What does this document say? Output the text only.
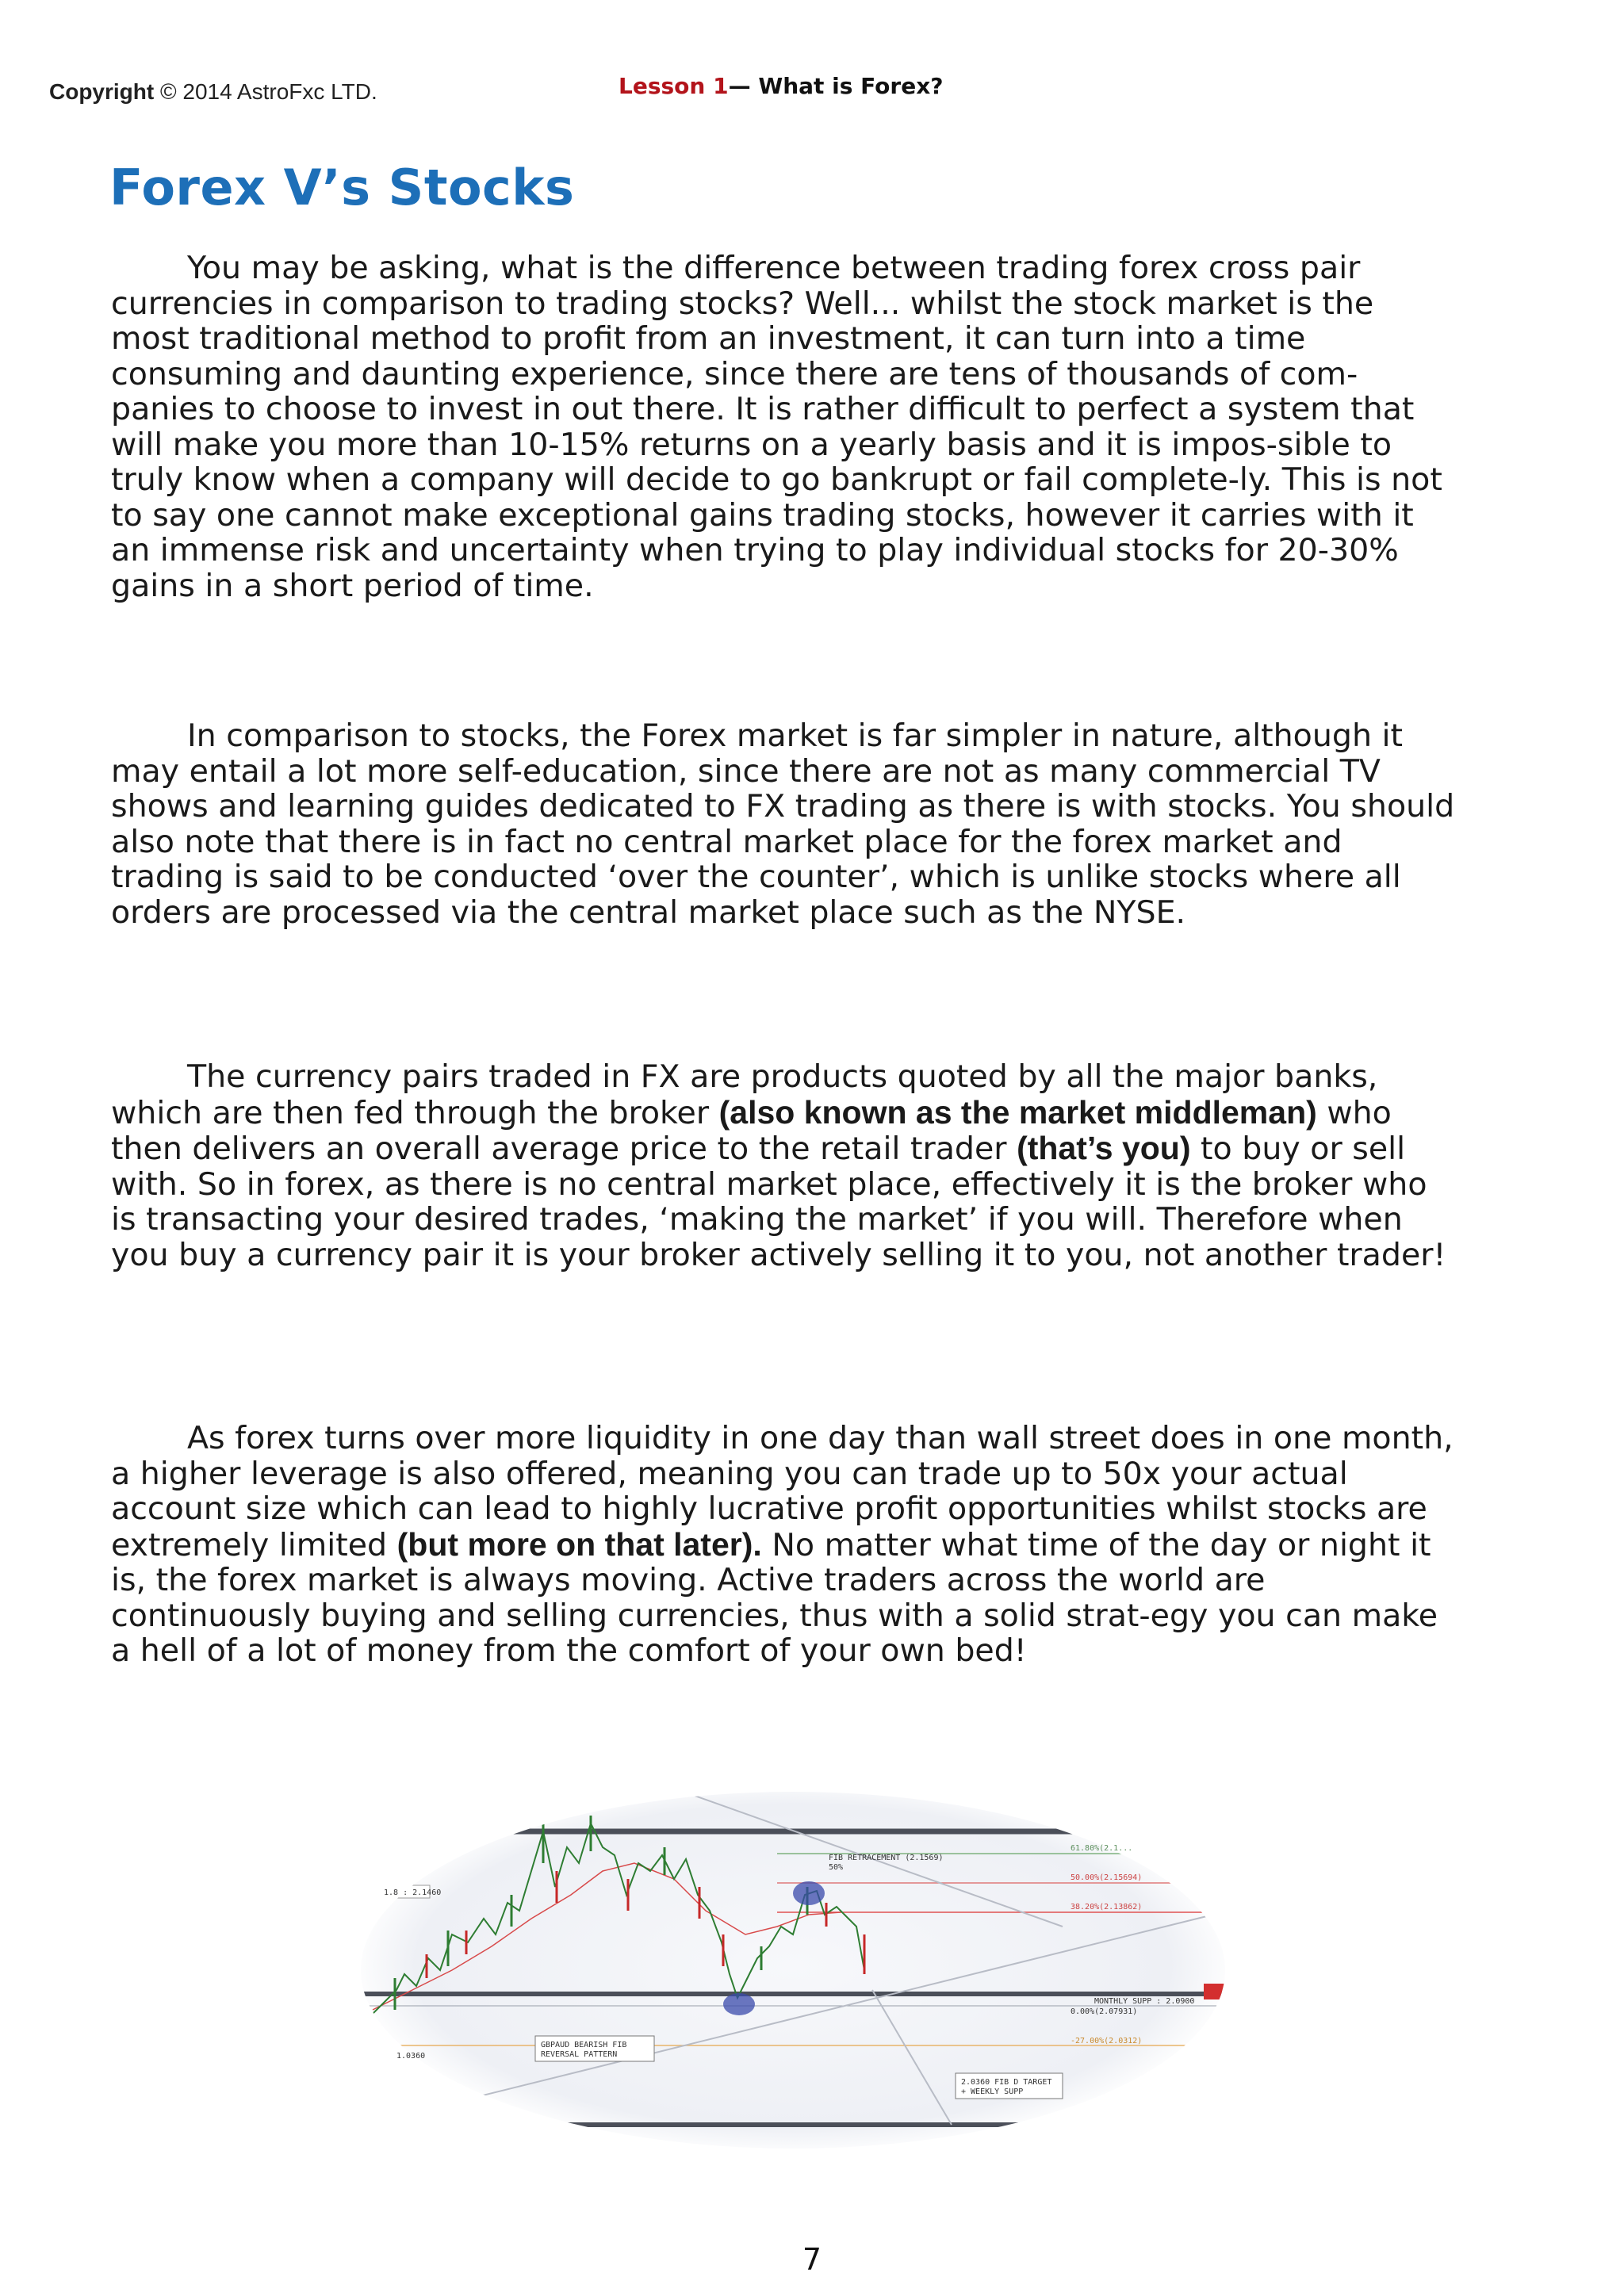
Copyright © 2014 AstroFxc LTD.	Lesson 1— What is Forex?
Forex V’s Stocks

You may be asking, what is the difference between trading forex cross pair currencies in comparison to trading stocks? Well... whilst the stock market is the most traditional method to profit from an investment, it can turn into a time consuming and daunting experience, since there are tens of thousands of com-panies to choose to invest in out there. It is rather difficult to perfect a system that will make you more than 10-15% returns on a yearly basis and it is impos-sible to truly know when a company will decide to go bankrupt or fail complete-ly. This is not to say one cannot make exceptional gains trading stocks, however it carries with it an immense risk and uncertainty when trying to play individual stocks for 20-30% gains in a short period of time.

In comparison to stocks, the Forex market is far simpler in nature, although it may entail a lot more self-education, since there are not as many commercial TV shows and learning guides dedicated to FX trading as there is with stocks. You should also note that there is in fact no central market place for the forex market and trading is said to be conducted ‘over the counter’, which is unlike stocks where all orders are processed via the central market place such as the NYSE.

The currency pairs traded in FX are products quoted by all the major banks, which are then fed through the broker (also known as the market middleman) who then delivers an overall average price to the retail trader (that’s you) to buy or sell with. So in forex, as there is no central market place, effectively it is the broker who is transacting your desired trades, ‘making the market’ if you will. Therefore when you buy a currency pair it is your broker actively selling it to you, not another trader!

As forex turns over more liquidity in one day than wall street does in one month, a higher leverage is also offered, meaning you can trade up to 50x your actual account size which can lead to highly lucrative profit opportunities whilst stocks are extremely limited (but more on that later). No matter what time of the day or night it is, the forex market is always moving. Active traders across the world are continuously buying and selling currencies, thus with a solid strat-egy you can make a hell of a lot of money from the comfort of your own bed!

FIB RETRACEMENT (2.1569)
50%
61.80%(2.1...
50.00%(2.15694)
38.20%(2.13862)
MONTHLY SUPP : 2.0900
0.00%(2.07931)
-27.00%(2.0312)
1.8 : 2.1460
1.0360
GBPAUD BEARISH FIB
REVERSAL PATTERN
2.0360 FIB D TARGET
+ WEEKLY SUPP
7
